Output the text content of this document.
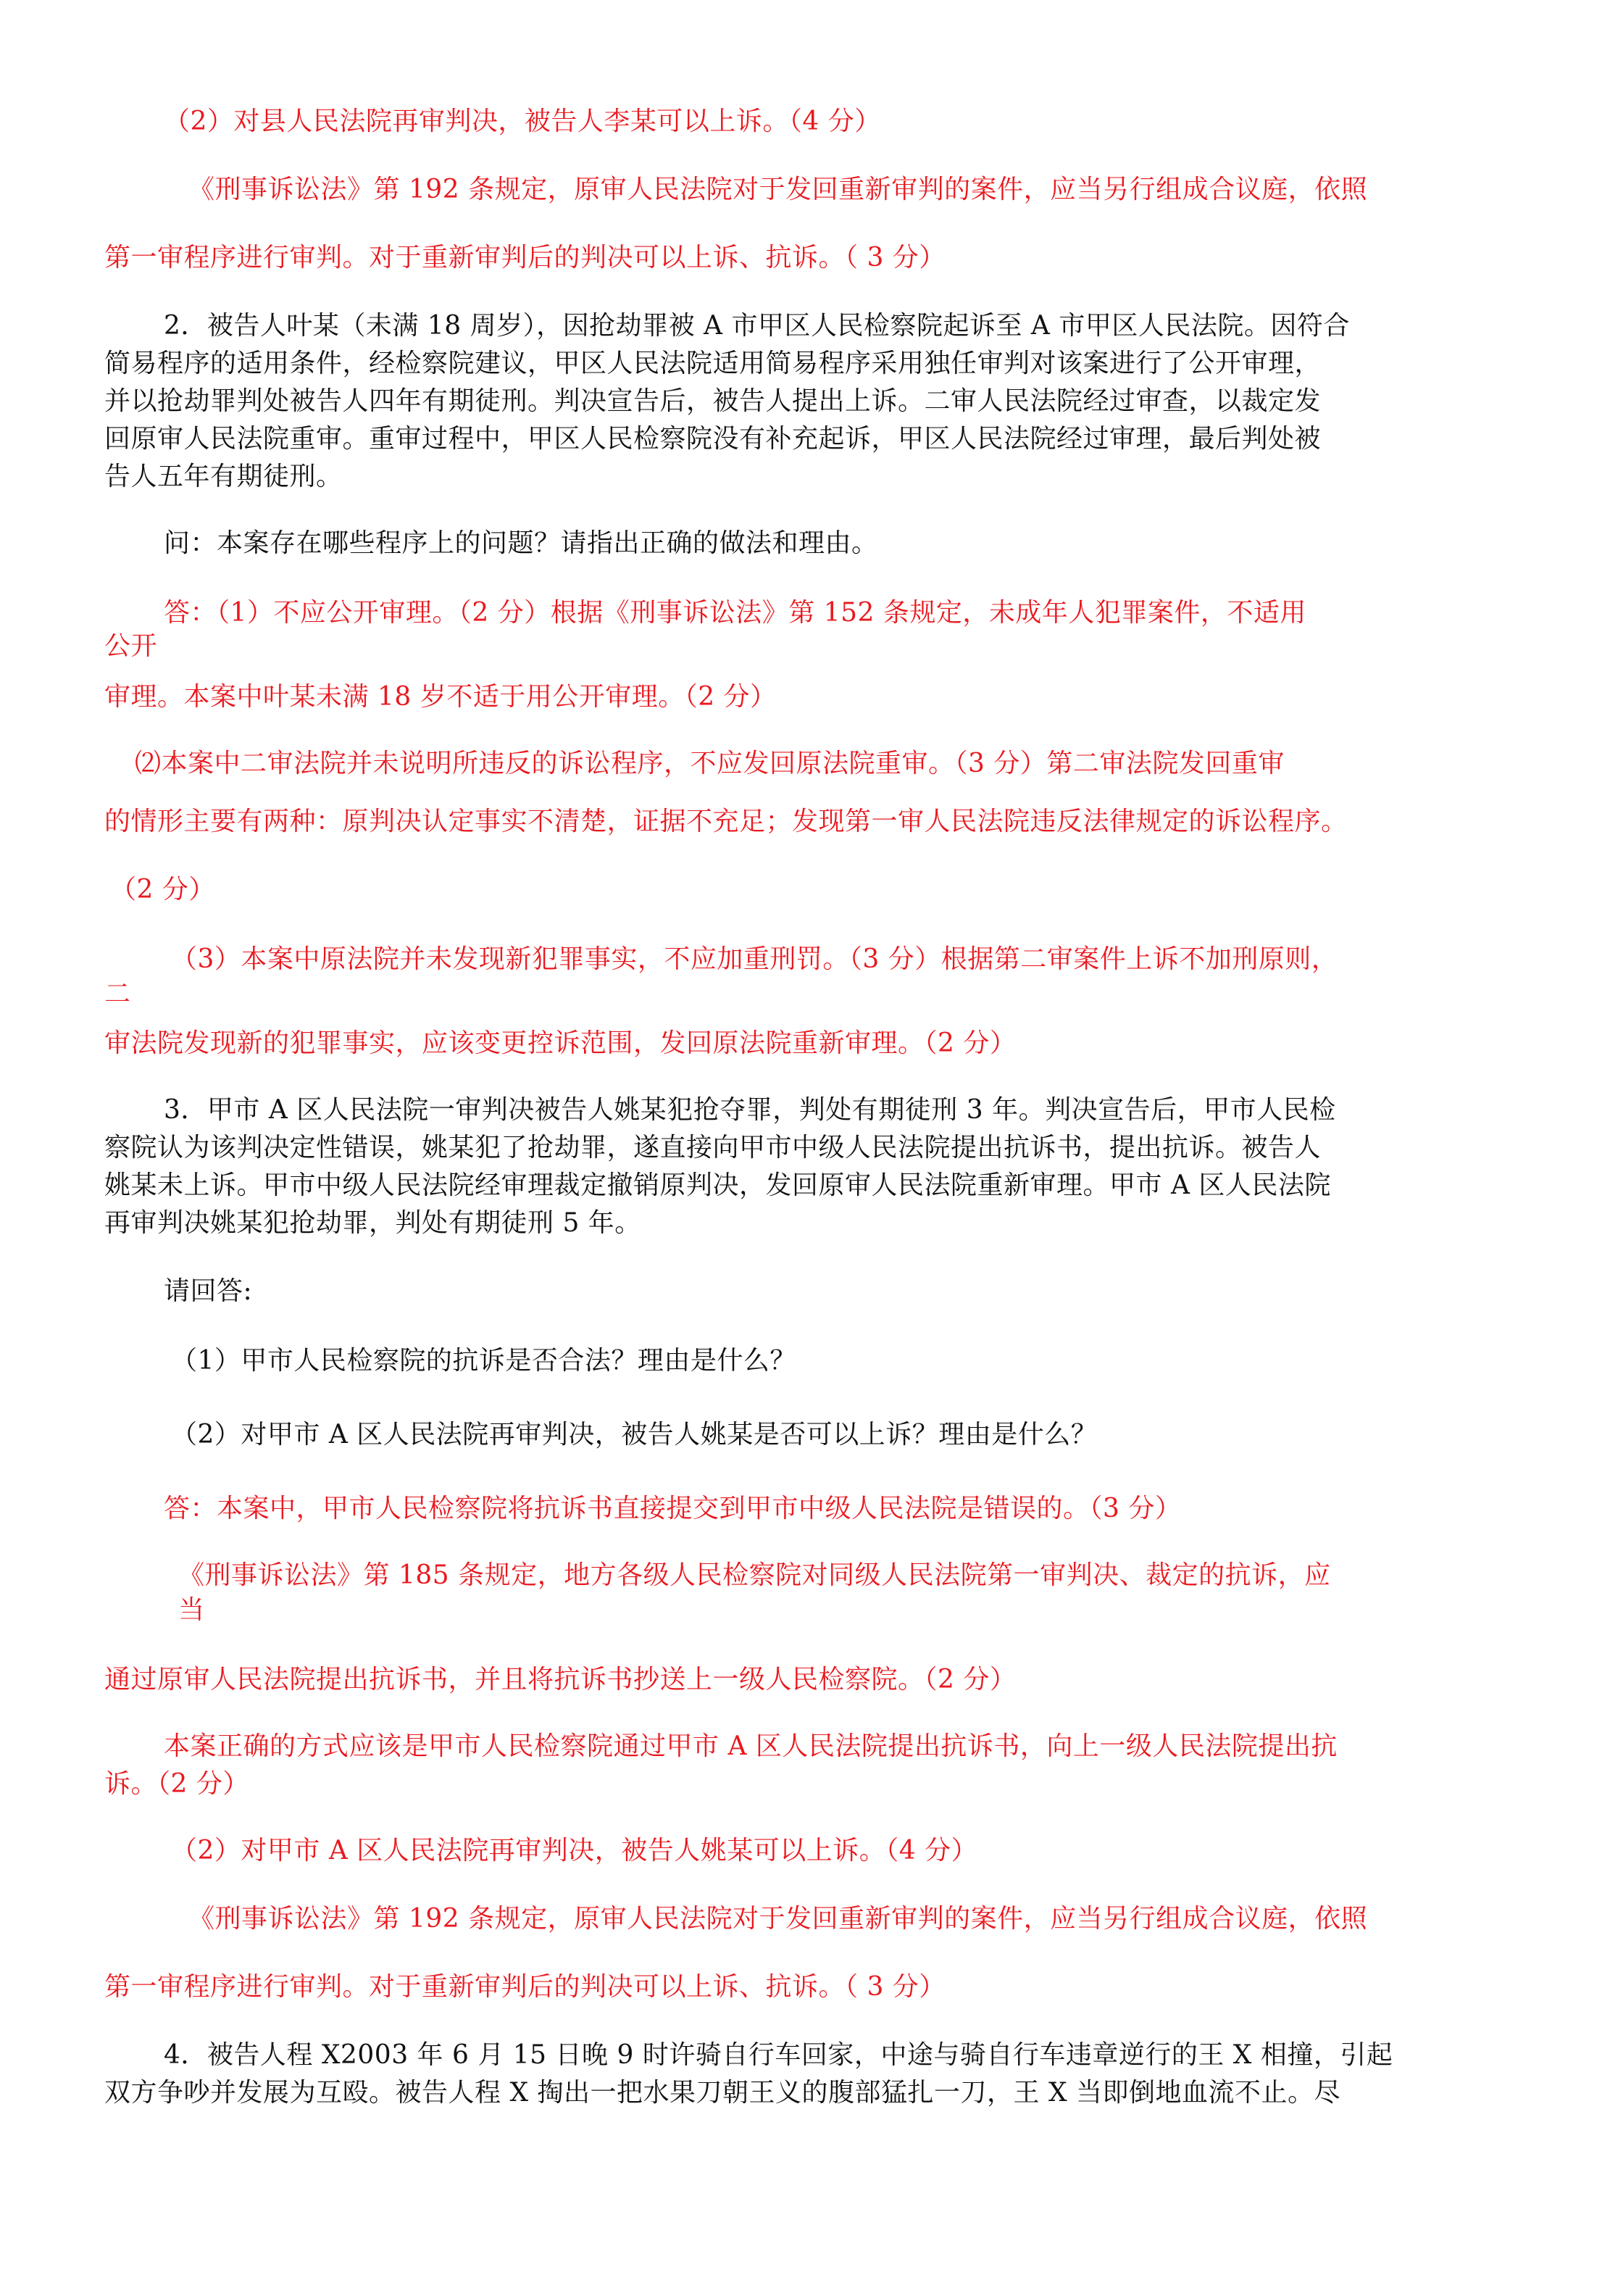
（2）对县人民法院再审判决，被告人李某可以上诉。（4 分）
《刑事诉讼法》第 192 条规定，原审人民法院对于发回重新审判的案件，应当另行组成合议庭，依照
第一审程序进行审判。对于重新审判后的判决可以上诉、抗诉。（ 3 分）
2．被告人叶某（未满 18 周岁），因抢劫罪被 A 市甲区人民检察院起诉至 A 市甲区人民法院。因符合
简易程序的适用条件，经检察院建议，甲区人民法院适用简易程序采用独任审判对该案进行了公开审理，
并以抢劫罪判处被告人四年有期徒刑。判决宣告后，被告人提出上诉。二审人民法院经过审查，以裁定发
回原审人民法院重审。重审过程中，甲区人民检察院没有补充起诉，甲区人民法院经过审理，最后判处被
告人五年有期徒刑。
问：本案存在哪些程序上的问题？请指出正确的做法和理由。
答：（1）不应公开审理。（2 分）根据《刑事诉讼法》第 152 条规定，未成年人犯罪案件，不适用
公开
审理。本案中叶某未满 18 岁不适于用公开审理。（2 分）
⑵本案中二审法院并未说明所违反的诉讼程序，不应发回原法院重审。（3 分）第二审法院发回重审
的情形主要有两种：原判决认定事实不清楚，证据不充足；发现第一审人民法院违反法律规定的诉讼程序。
（2 分）
（3）本案中原法院并未发现新犯罪事实，不应加重刑罚。（3 分）根据第二审案件上诉不加刑原则，
二
审法院发现新的犯罪事实，应该变更控诉范围，发回原法院重新审理。（2 分）
3．甲市 A 区人民法院一审判决被告人姚某犯抢夺罪，判处有期徒刑 3 年。判决宣告后，甲市人民检
察院认为该判决定性错误，姚某犯了抢劫罪，遂直接向甲市中级人民法院提出抗诉书，提出抗诉。被告人
姚某未上诉。甲市中级人民法院经审理裁定撤销原判决，发回原审人民法院重新审理。甲市 A 区人民法院
再审判决姚某犯抢劫罪，判处有期徒刑 5 年。
请回答:
（1）甲市人民检察院的抗诉是否合法？理由是什么？
（2）对甲市 A 区人民法院再审判决，被告人姚某是否可以上诉？理由是什么？
答：本案中，甲市人民检察院将抗诉书直接提交到甲市中级人民法院是错误的。（3 分）
《刑事诉讼法》第 185 条规定，地方各级人民检察院对同级人民法院第一审判决、裁定的抗诉，应
当
通过原审人民法院提出抗诉书，并且将抗诉书抄送上一级人民检察院。（2 分）
本案正确的方式应该是甲市人民检察院通过甲市 A 区人民法院提出抗诉书，向上一级人民法院提出抗
诉。（2 分）
（2）对甲市 A 区人民法院再审判决，被告人姚某可以上诉。（4 分）
《刑事诉讼法》第 192 条规定，原审人民法院对于发回重新审判的案件，应当另行组成合议庭，依照
第一审程序进行审判。对于重新审判后的判决可以上诉、抗诉。（ 3 分）
4．被告人程 X2003 年 6 月 15 日晚 9 时许骑自行车回家，中途与骑自行车违章逆行的王 X 相撞，引起
双方争吵并发展为互殴。被告人程 X 掏出一把水果刀朝王义的腹部猛扎一刀，王 X 当即倒地血流不止。尽
